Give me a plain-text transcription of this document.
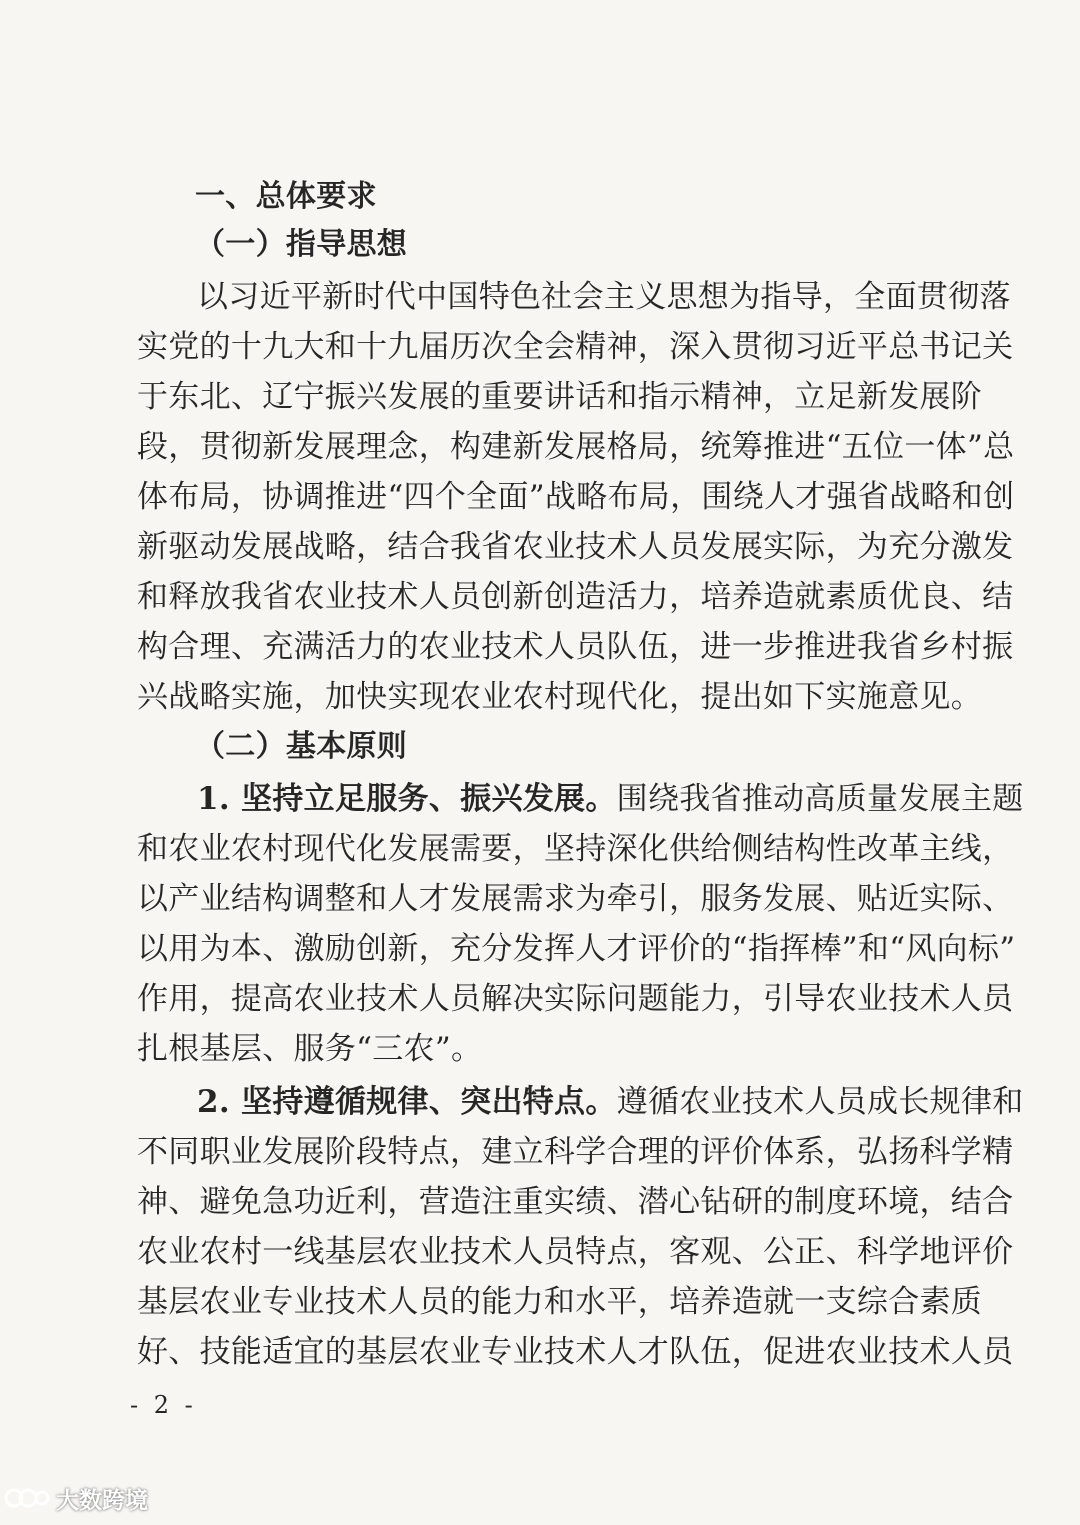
一、总体要求
（一）指导思想
以习近平新时代中国特色社会主义思想为指导，全面贯彻落
实党的十九大和十九届历次全会精神，深入贯彻习近平总书记关
于东北、辽宁振兴发展的重要讲话和指示精神，立足新发展阶
段，贯彻新发展理念，构建新发展格局，统筹推进“五位一体”总
体布局，协调推进“四个全面”战略布局，围绕人才强省战略和创
新驱动发展战略，结合我省农业技术人员发展实际，为充分激发
和释放我省农业技术人员创新创造活力，培养造就素质优良、结
构合理、充满活力的农业技术人员队伍，进一步推进我省乡村振
兴战略实施，加快实现农业农村现代化，提出如下实施意见。
（二）基本原则
1. 坚持立足服务、振兴发展。围绕我省推动高质量发展主题
和农业农村现代化发展需要，坚持深化供给侧结构性改革主线，
以产业结构调整和人才发展需求为牵引，服务发展、贴近实际、
以用为本、激励创新，充分发挥人才评价的“指挥棒”和“风向标”
作用，提高农业技术人员解决实际问题能力，引导农业技术人员
扎根基层、服务“三农”。
2. 坚持遵循规律、突出特点。遵循农业技术人员成长规律和
不同职业发展阶段特点，建立科学合理的评价体系，弘扬科学精
神、避免急功近利，营造注重实绩、潜心钻研的制度环境，结合
农业农村一线基层农业技术人员特点，客观、公正、科学地评价
基层农业专业技术人员的能力和水平，培养造就一支综合素质
好、技能适宜的基层农业专业技术人才队伍，促进农业技术人员
- 2 -
大数跨境
